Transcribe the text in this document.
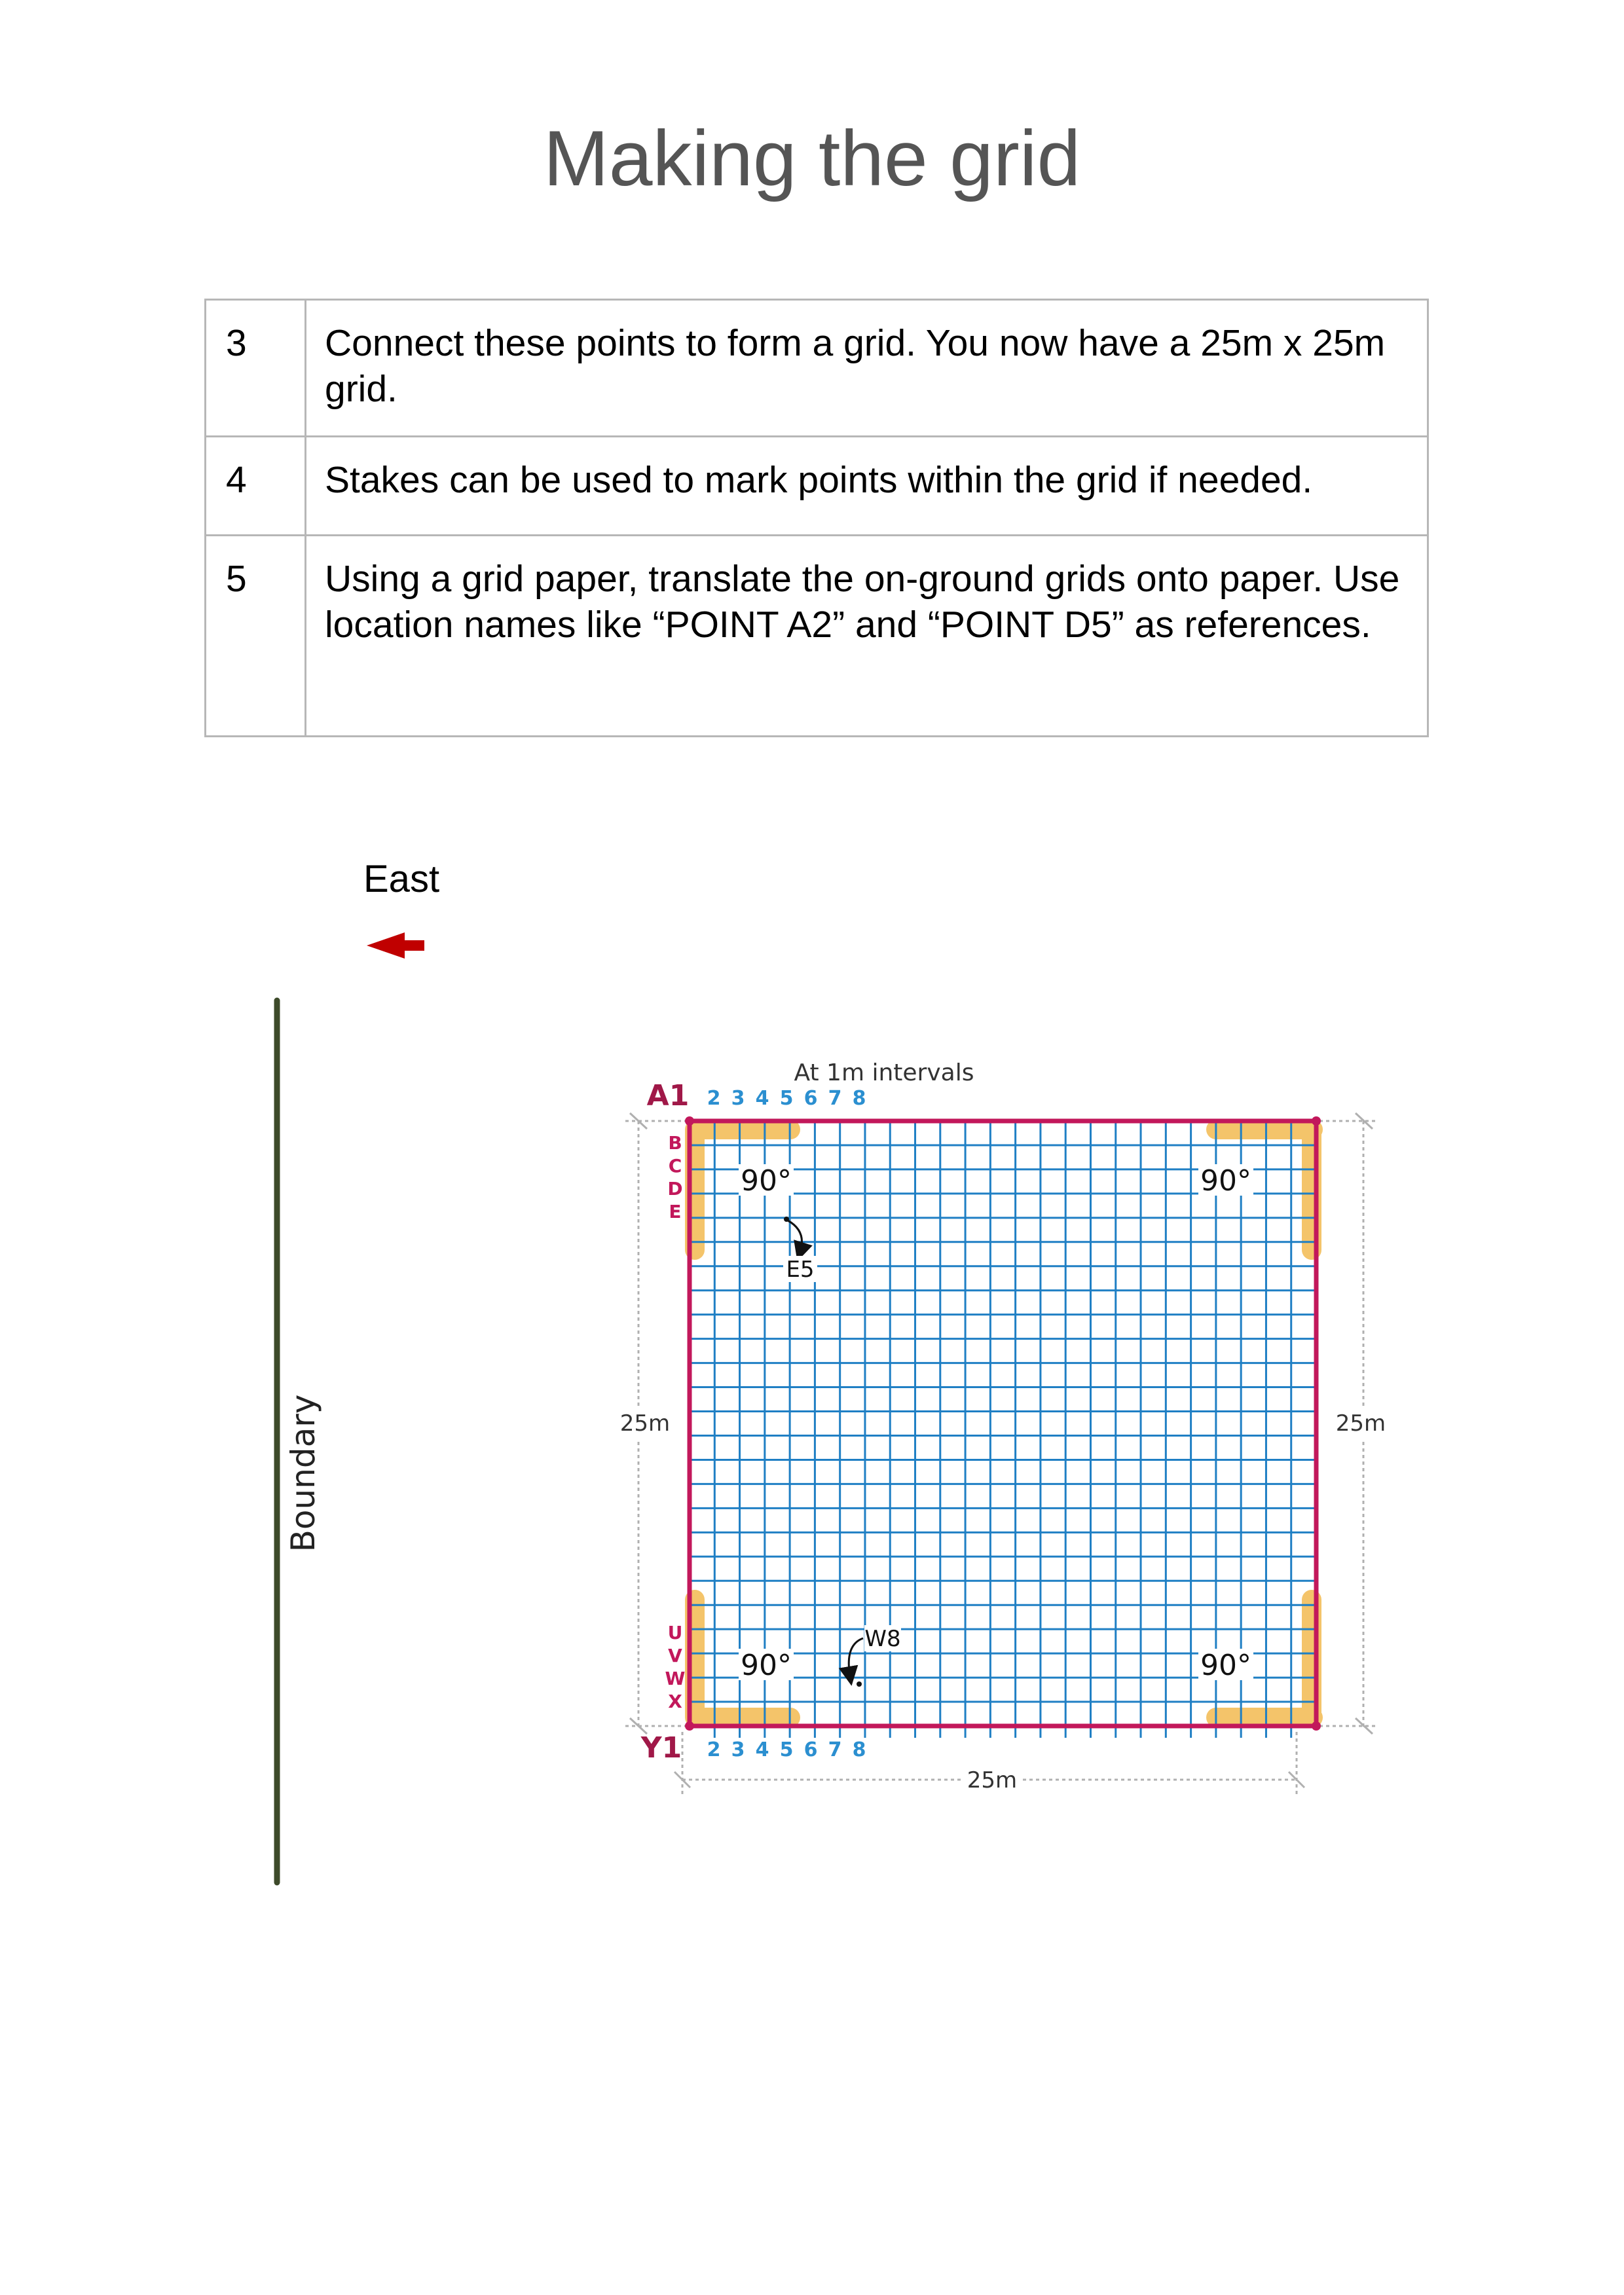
Making the grid
3	Connect these points to form a grid. You now have a 25m x 25m grid.
4	Stakes can be used to mark points within the grid if needed.
5	Using a grid paper, translate the on-ground grids onto paper. Use location names like “POINT A2” and “POINT D5” as references.
East
Boundary	25m	25m
25m
At 1m intervals
A1
Y1
2 3 4 5 6 7 8
2 3 4 5 6 7 8
B
C
D
E
U
V
W
X
90°	90°
90°	90°
E5
W8
